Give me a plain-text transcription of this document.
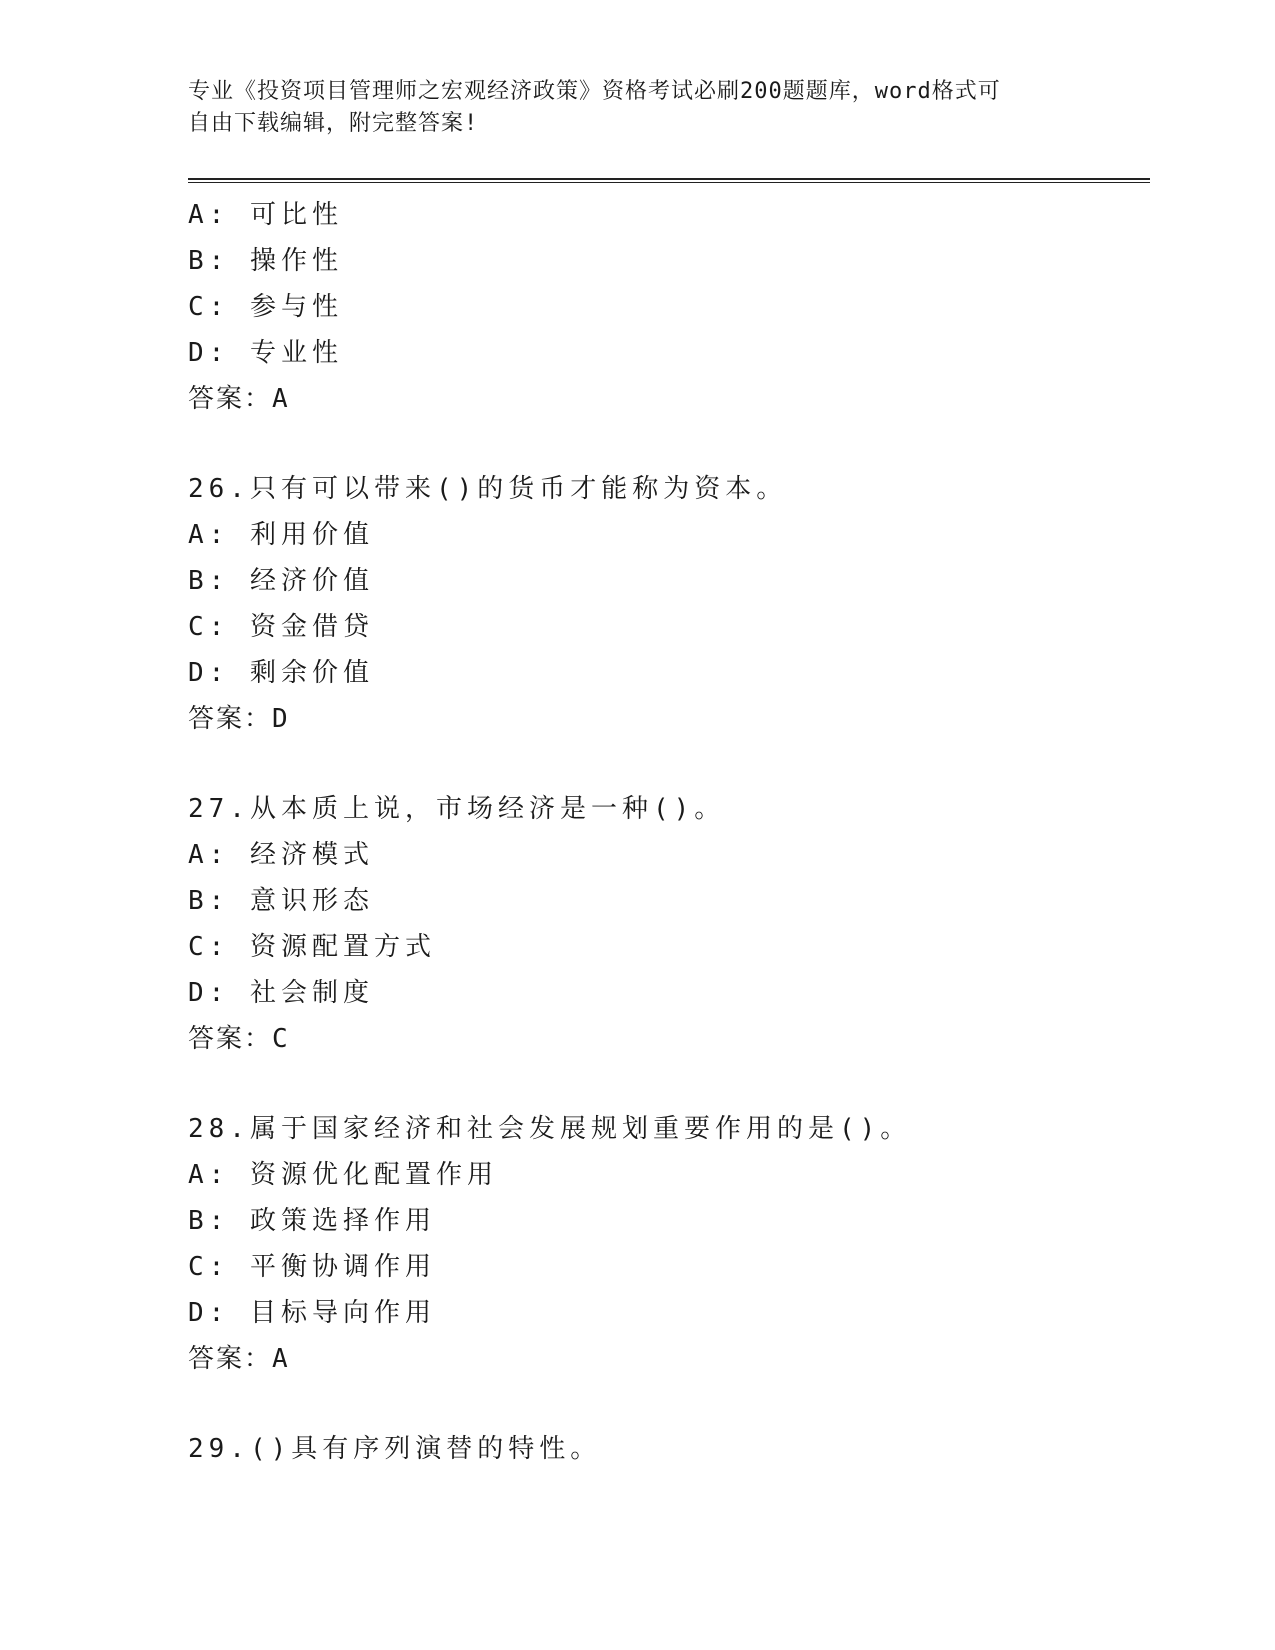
专业《投资项目管理师之宏观经济政策》资格考试必刷200题题库，word格式可
自由下载编辑，附完整答案!
A: 可比性
B: 操作性
C: 参与性
D: 专业性
答案：A
26.只有可以带来()的货币才能称为资本。
A: 利用价值
B: 经济价值
C: 资金借贷
D: 剩余价值
答案：D
27.从本质上说，市场经济是一种()。
A: 经济模式
B: 意识形态
C: 资源配置方式
D: 社会制度
答案：C
28.属于国家经济和社会发展规划重要作用的是()。
A: 资源优化配置作用
B: 政策选择作用
C: 平衡协调作用
D: 目标导向作用
答案：A
29.()具有序列演替的特性。
